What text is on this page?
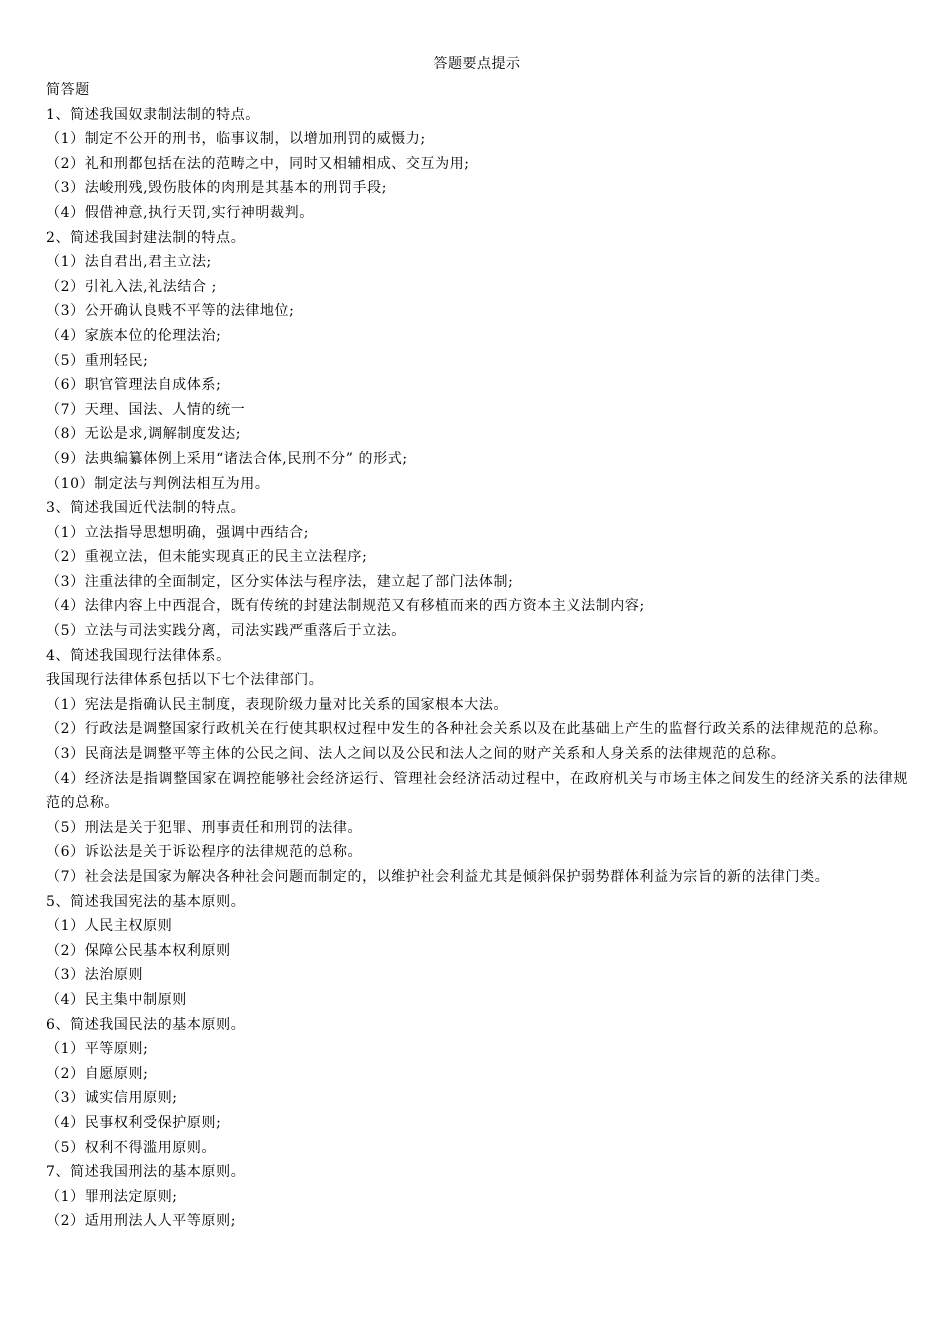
答题要点提示

简答题

1、简述我国奴隶制法制的特点。

（1）制定不公开的刑书，临事议制，以增加刑罚的威慑力;

（2）礼和刑都包括在法的范畴之中，同时又相辅相成、交互为用;

（3）法峻刑残,毁伤肢体的肉刑是其基本的刑罚手段;

（4）假借神意,执行天罚,实行神明裁判。

2、简述我国封建法制的特点。

（1）法自君出,君主立法;

（2）引礼入法,礼法结合 ;

（3）公开确认良贱不平等的法律地位;

（4）家族本位的伦理法治;

（5）重刑轻民;

（6）职官管理法自成体系;

（7）天理、国法、人情的统一

（8）无讼是求,调解制度发达;

（9）法典编纂体例上采用“诸法合体,民刑不分” 的形式;

（10）制定法与判例法相互为用。

3、简述我国近代法制的特点。

（1）立法指导思想明确，强调中西结合;

（2）重视立法，但未能实现真正的民主立法程序;

（3）注重法律的全面制定，区分实体法与程序法，建立起了部门法体制;

（4）法律内容上中西混合，既有传统的封建法制规范又有移植而来的西方资本主义法制内容;

（5）立法与司法实践分离，司法实践严重落后于立法。

4、简述我国现行法律体系。

我国现行法律体系包括以下七个法律部门。

（1）宪法是指确认民主制度，表现阶级力量对比关系的国家根本大法。

（2）行政法是调整国家行政机关在行使其职权过程中发生的各种社会关系以及在此基础上产生的监督行政关系的法律规范的总称。

（3）民商法是调整平等主体的公民之间、法人之间以及公民和法人之间的财产关系和人身关系的法律规范的总称。

（4）经济法是指调整国家在调控能够社会经济运行、管理社会经济活动过程中，在政府机关与市场主体之间发生的经济关系的法律规范的总称。

（5）刑法是关于犯罪、刑事责任和刑罚的法律。

（6）诉讼法是关于诉讼程序的法律规范的总称。

（7）社会法是国家为解决各种社会问题而制定的，以维护社会利益尤其是倾斜保护弱势群体利益为宗旨的新的法律门类。

5、简述我国宪法的基本原则。

（1）人民主权原则

（2）保障公民基本权利原则

（3）法治原则

（4）民主集中制原则

6、简述我国民法的基本原则。

（1）平等原则;

（2）自愿原则;

（3）诚实信用原则;

（4）民事权利受保护原则;

（5）权利不得滥用原则。

7、简述我国刑法的基本原则。

（1）罪刑法定原则;

（2）适用刑法人人平等原则;
